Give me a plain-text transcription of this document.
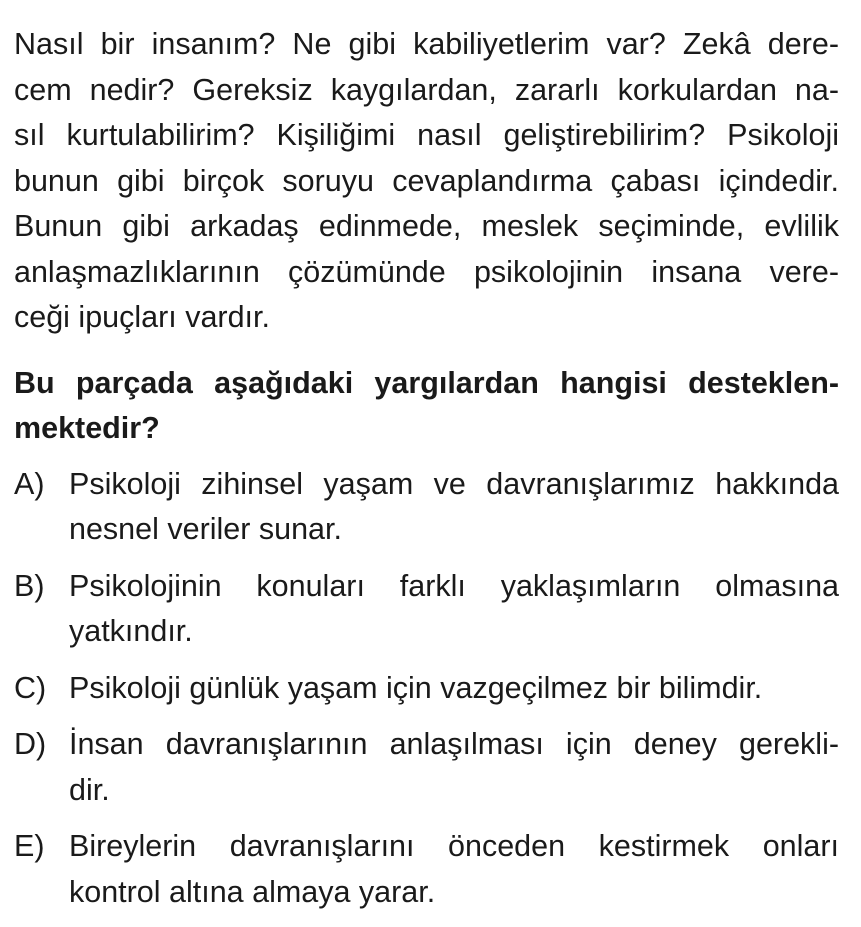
Nasıl bir insanım? Ne gibi kabiliyetlerim var? Zekâ dere-
cem nedir? Gereksiz kaygılardan, zararlı korkulardan na-
sıl kurtulabilirim? Kişiliğimi nasıl geliştirebilirim? Psikoloji
bunun gibi birçok soruyu cevaplandırma çabası içindedir.
Bunun gibi arkadaş edinmede, meslek seçiminde, evlilik
anlaşmazlıklarının çözümünde psikolojinin insana vere-
ceği ipuçları vardır.
Bu parçada aşağıdaki yargılardan hangisi desteklen-
mektedir?
A) Psikoloji zihinsel yaşam ve davranışlarımız hakkında
nesnel veriler sunar.
B) Psikolojinin konuları farklı yaklaşımların olmasına
yatkındır.
C) Psikoloji günlük yaşam için vazgeçilmez bir bilimdir.
D) İnsan davranışlarının anlaşılması için deney gerekli-
dir.
E) Bireylerin davranışlarını önceden kestirmek onları
kontrol altına almaya yarar.
